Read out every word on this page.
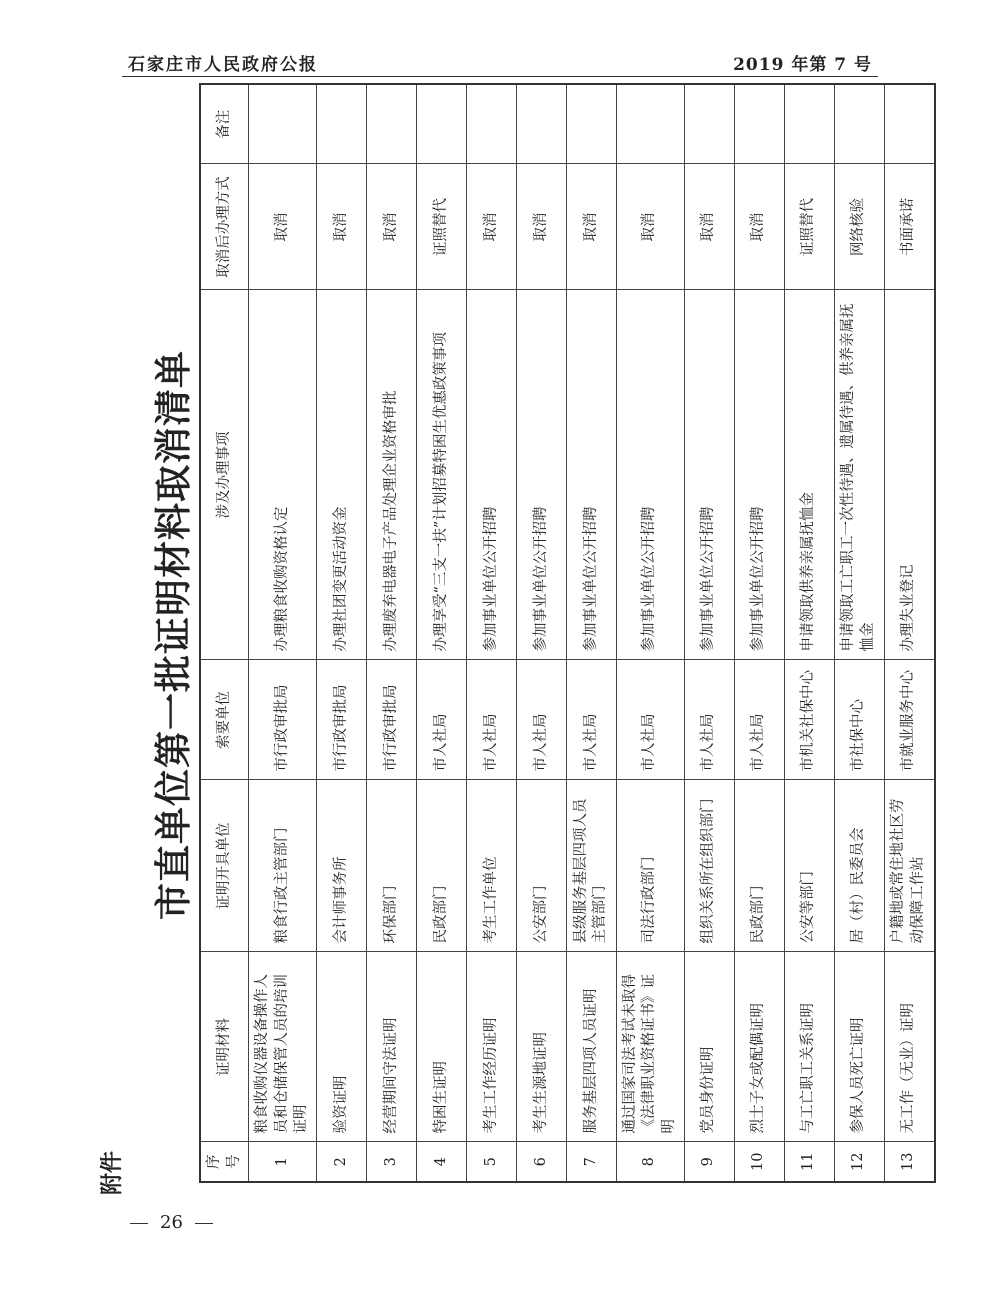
石家庄市人民政府公报	2019 年第 7 号
26
附件
市直单位第一批证明材料取消清单
序号	证明材料	证明开具单位	索要单位	涉及办理事项	取消后办理方式	备注
1	粮食收购仪器设备操作人员和仓储保管人员的培训证明	粮食行政主管部门	市行政审批局	办理粮食收购资格认定	取消	
2	验资证明	会计师事务所	市行政审批局	办理社团变更活动资金	取消	
3	经营期间守法证明	环保部门	市行政审批局	办理废弃电器电子产品处理企业资格审批	取消	
4	特困生证明	民政部门	市人社局	办理享受“三支一扶”计划招募特困生优惠政策事项	证照替代	
5	考生工作经历证明	考生工作单位	市人社局	参加事业单位公开招聘	取消	
6	考生生源地证明	公安部门	市人社局	参加事业单位公开招聘	取消	
7	服务基层四项人员证明	县级服务基层四项人员主管部门	市人社局	参加事业单位公开招聘	取消	
8	通过国家司法考试未取得《法律职业资格证书》证明	司法行政部门	市人社局	参加事业单位公开招聘	取消	
9	党员身份证明	组织关系所在组织部门	市人社局	参加事业单位公开招聘	取消	
10	烈士子女或配偶证明	民政部门	市人社局	参加事业单位公开招聘	取消	
11	与工亡职工关系证明	公安等部门	市机关社保中心	申请领取供养亲属抚恤金	证照替代	
12	参保人员死亡证明	居（村）民委员会	市社保中心	申请领取工亡职工一次性待遇、遗属待遇、供养亲属抚恤金	网络核验	
13	无工作（无业）证明	户籍地或常住地社区劳动保障工作站	市就业服务中心	办理失业登记	书面承诺	
